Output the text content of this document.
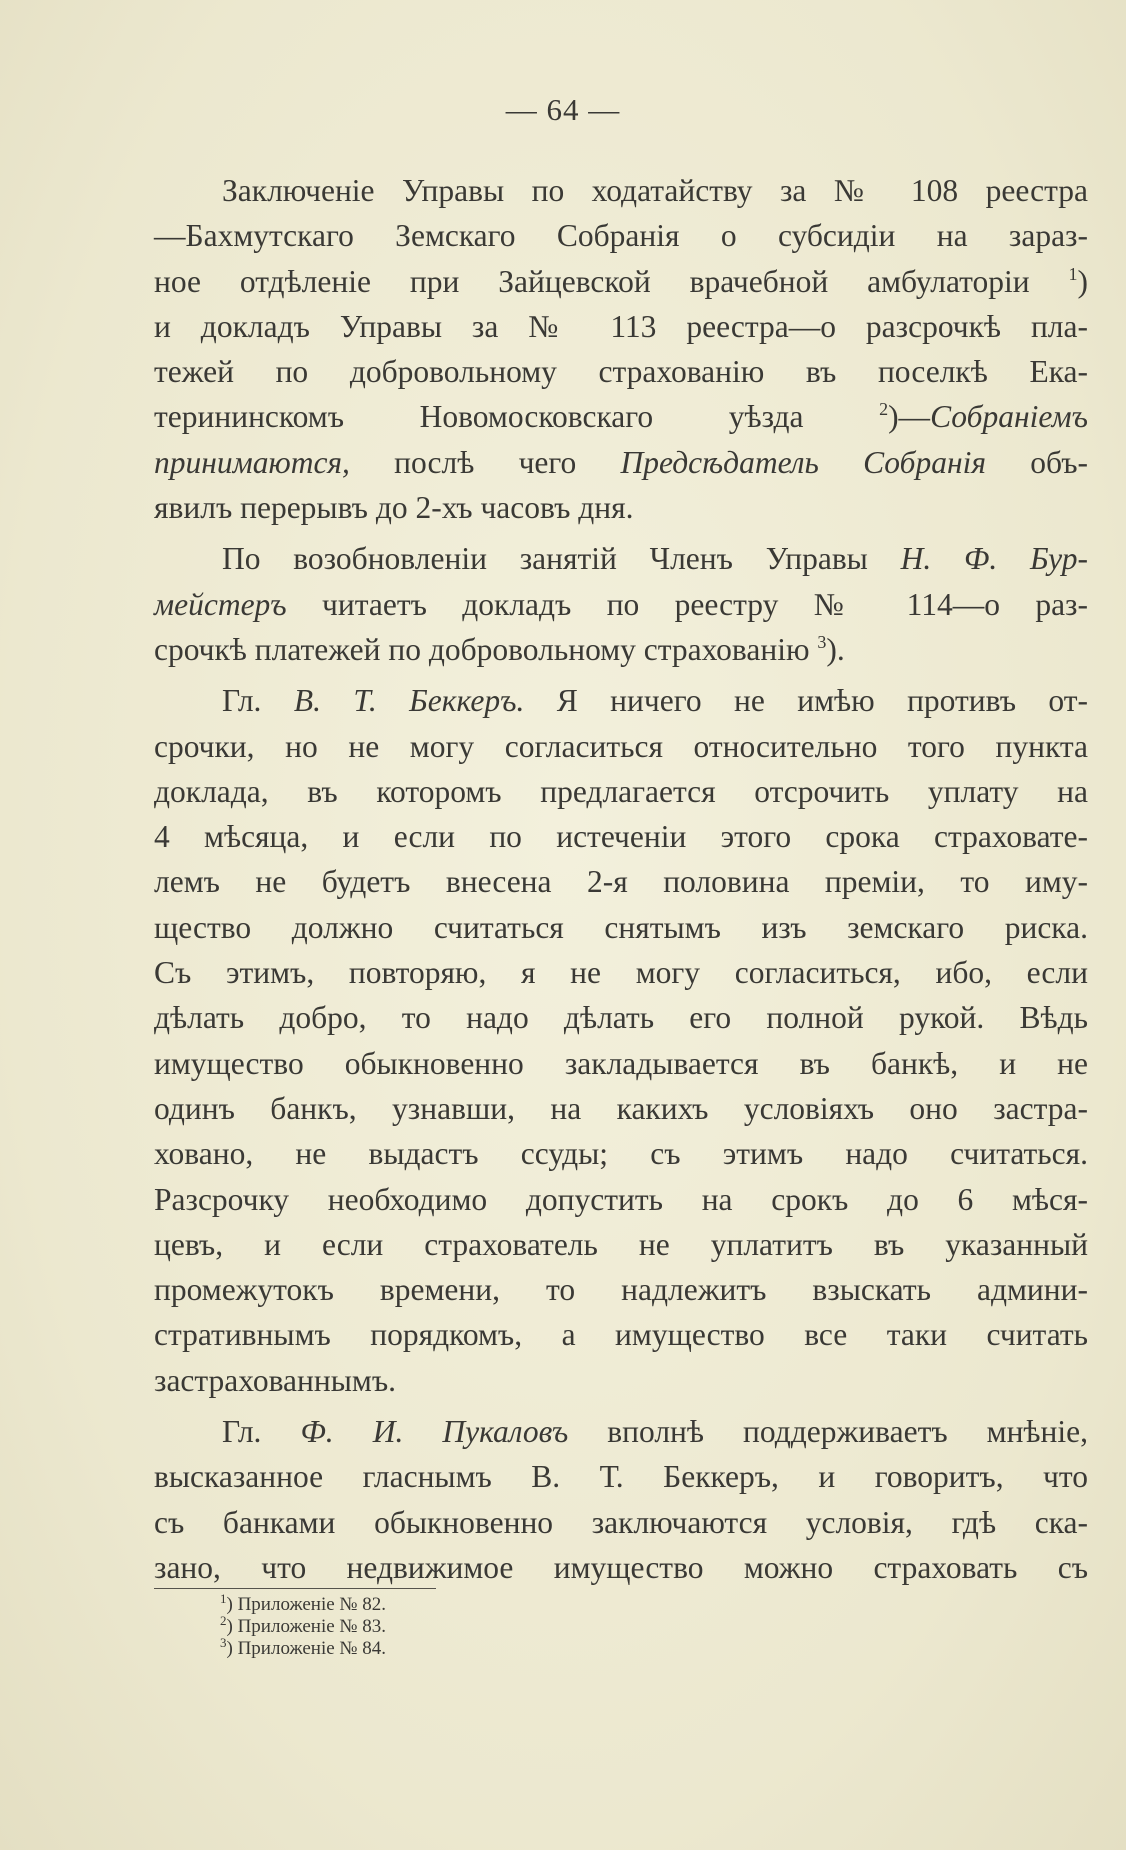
— 64 —
Заключеніе Управы по ходатайству за № 108 реестра
—Бахмутскаго Земскаго Собранія о субсидіи на зараз-
ное отдѣленіе при Зайцевской врачебной амбулаторіи $^1$)
и докладъ Управы за № 113 реестра—о разсрочкѣ пла-
тежей по добровольному страхованію въ поселкѣ Ека-
терининскомъ Новомосковскаго уѣзда $^2$)—Собраніемъ
принимаются, послѣ чего Предсѣдатель Собранія объ-
явилъ перерывъ до 2-хъ часовъ дня.
По возобновленіи занятій Членъ Управы Н. Ф. Бур-
мейстеръ читаетъ докладъ по реестру № 114—о раз-
срочкѣ платежей по добровольному страхованію $^3$).
Гл. В. Т. Беккеръ. Я ничего не имѣю противъ от-
срочки, но не могу согласиться относительно того пункта
доклада, въ которомъ предлагается отсрочить уплату на
4 мѣсяца, и если по истеченіи этого срока страховате-
лемъ не будетъ внесена 2-я половина преміи, то иму-
щество должно считаться снятымъ изъ земскаго риска.
Съ этимъ, повторяю, я не могу согласиться, ибо, если
дѣлать добро, то надо дѣлать его полной рукой. Вѣдь
имущество обыкновенно закладывается въ банкѣ, и не
одинъ банкъ, узнавши, на какихъ условіяхъ оно застра-
ховано, не выдастъ ссуды; съ этимъ надо считаться.
Разсрочку необходимо допустить на срокъ до 6 мѣся-
цевъ, и если страхователь не уплатитъ въ указанный
промежутокъ времени, то надлежитъ взыскать админи-
стративнымъ порядкомъ, а имущество все таки считать
застрахованнымъ.
Гл. Ф. И. Пукаловъ вполнѣ поддерживаетъ мнѣніе,
высказанное гласнымъ В. Т. Беккеръ, и говоритъ, что
съ банками обыкновенно заключаются условія, гдѣ ска-
зано, что недвижимое имущество можно страховать съ
$^1$) Приложеніе № 82.
$^2$) Приложеніе № 83.
$^3$) Приложеніе № 84.
